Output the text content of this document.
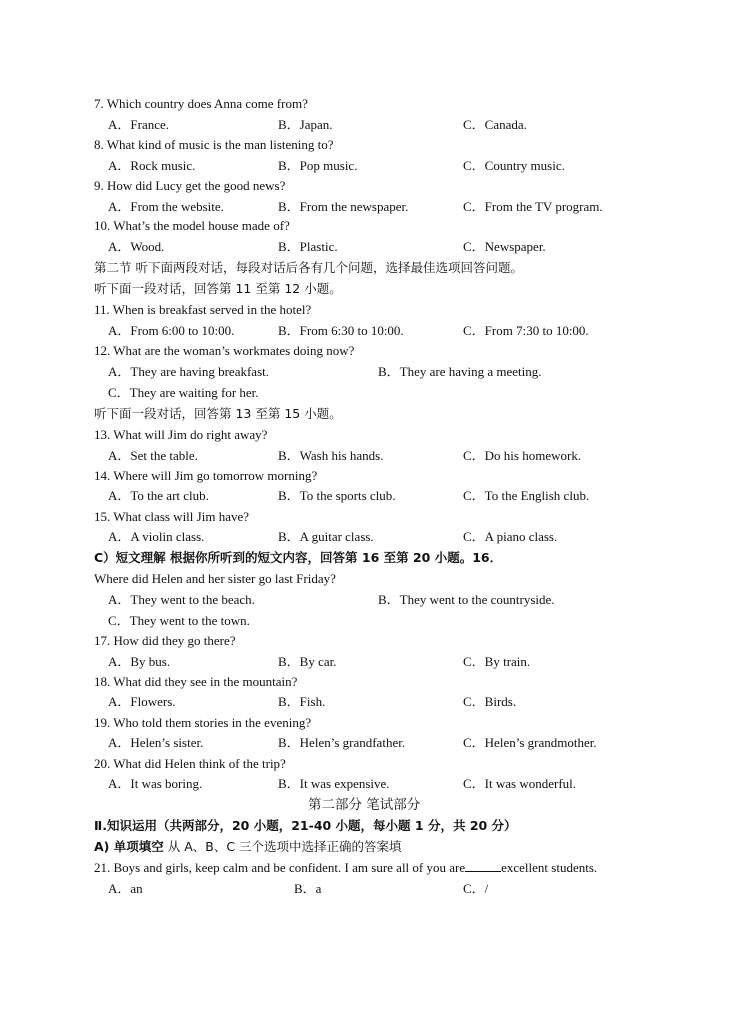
7. Which country does Anna come from?
A．France.	B．Japan.	C．Canada.
8. What kind of music is the man listening to?
A．Rock music.	B．Pop music.	C．Country music.
9. How did Lucy get the good news?
A．From the website.	B．From the newspaper.	C．From the TV program.
10. What’s the model house made of?
A．Wood.	B．Plastic.	C．Newspaper.
第二节 听下面两段对话，每段对话后各有几个问题，选择最佳选项回答问题。
听下面一段对话，回答第 11 至第 12 小题。
11. When is breakfast served in the hotel?
A．From 6:00 to 10:00.	B．From 6:30 to 10:00.	C．From 7:30 to 10:00.
12. What are the woman’s workmates doing now?
A．They are having breakfast.	B．They are having a meeting.
C．They are waiting for her.
听下面一段对话，回答第 13 至第 15 小题。
13. What will Jim do right away?
A．Set the table.	B．Wash his hands.	C．Do his homework.
14. Where will Jim go tomorrow morning?
A．To the art club.	B．To the sports club.	C．To the English club.
15. What class will Jim have?
A．A violin class.	B．A guitar class.	C．A piano class.
C）短文理解 根据你所听到的短文内容，回答第 16 至第 20 小题。16．
Where did Helen and her sister go last Friday?
A．They went to the beach.	B．They went to the countryside.
C．They went to the town.
17. How did they go there?
A．By bus.	B．By car.	C．By train.
18. What did they see in the mountain?
A．Flowers.	B．Fish.	C．Birds.
19. Who told them stories in the evening?
A．Helen’s sister.	B．Helen’s grandfather.	C．Helen’s grandmother.
20. What did Helen think of the trip?
A．It was boring.	B．It was expensive.	C．It was wonderful.
第二部分 笔试部分
Ⅱ.知识运用（共两部分，20 小题，21-40 小题，每小题 1 分，共 20 分）
A) 单项填空 从 A、B、C 三个选项中选择正确的答案填
21. Boys and girls, keep calm and be confident. I am sure all of you are	excellent students.
A．an	B．a	C．/
